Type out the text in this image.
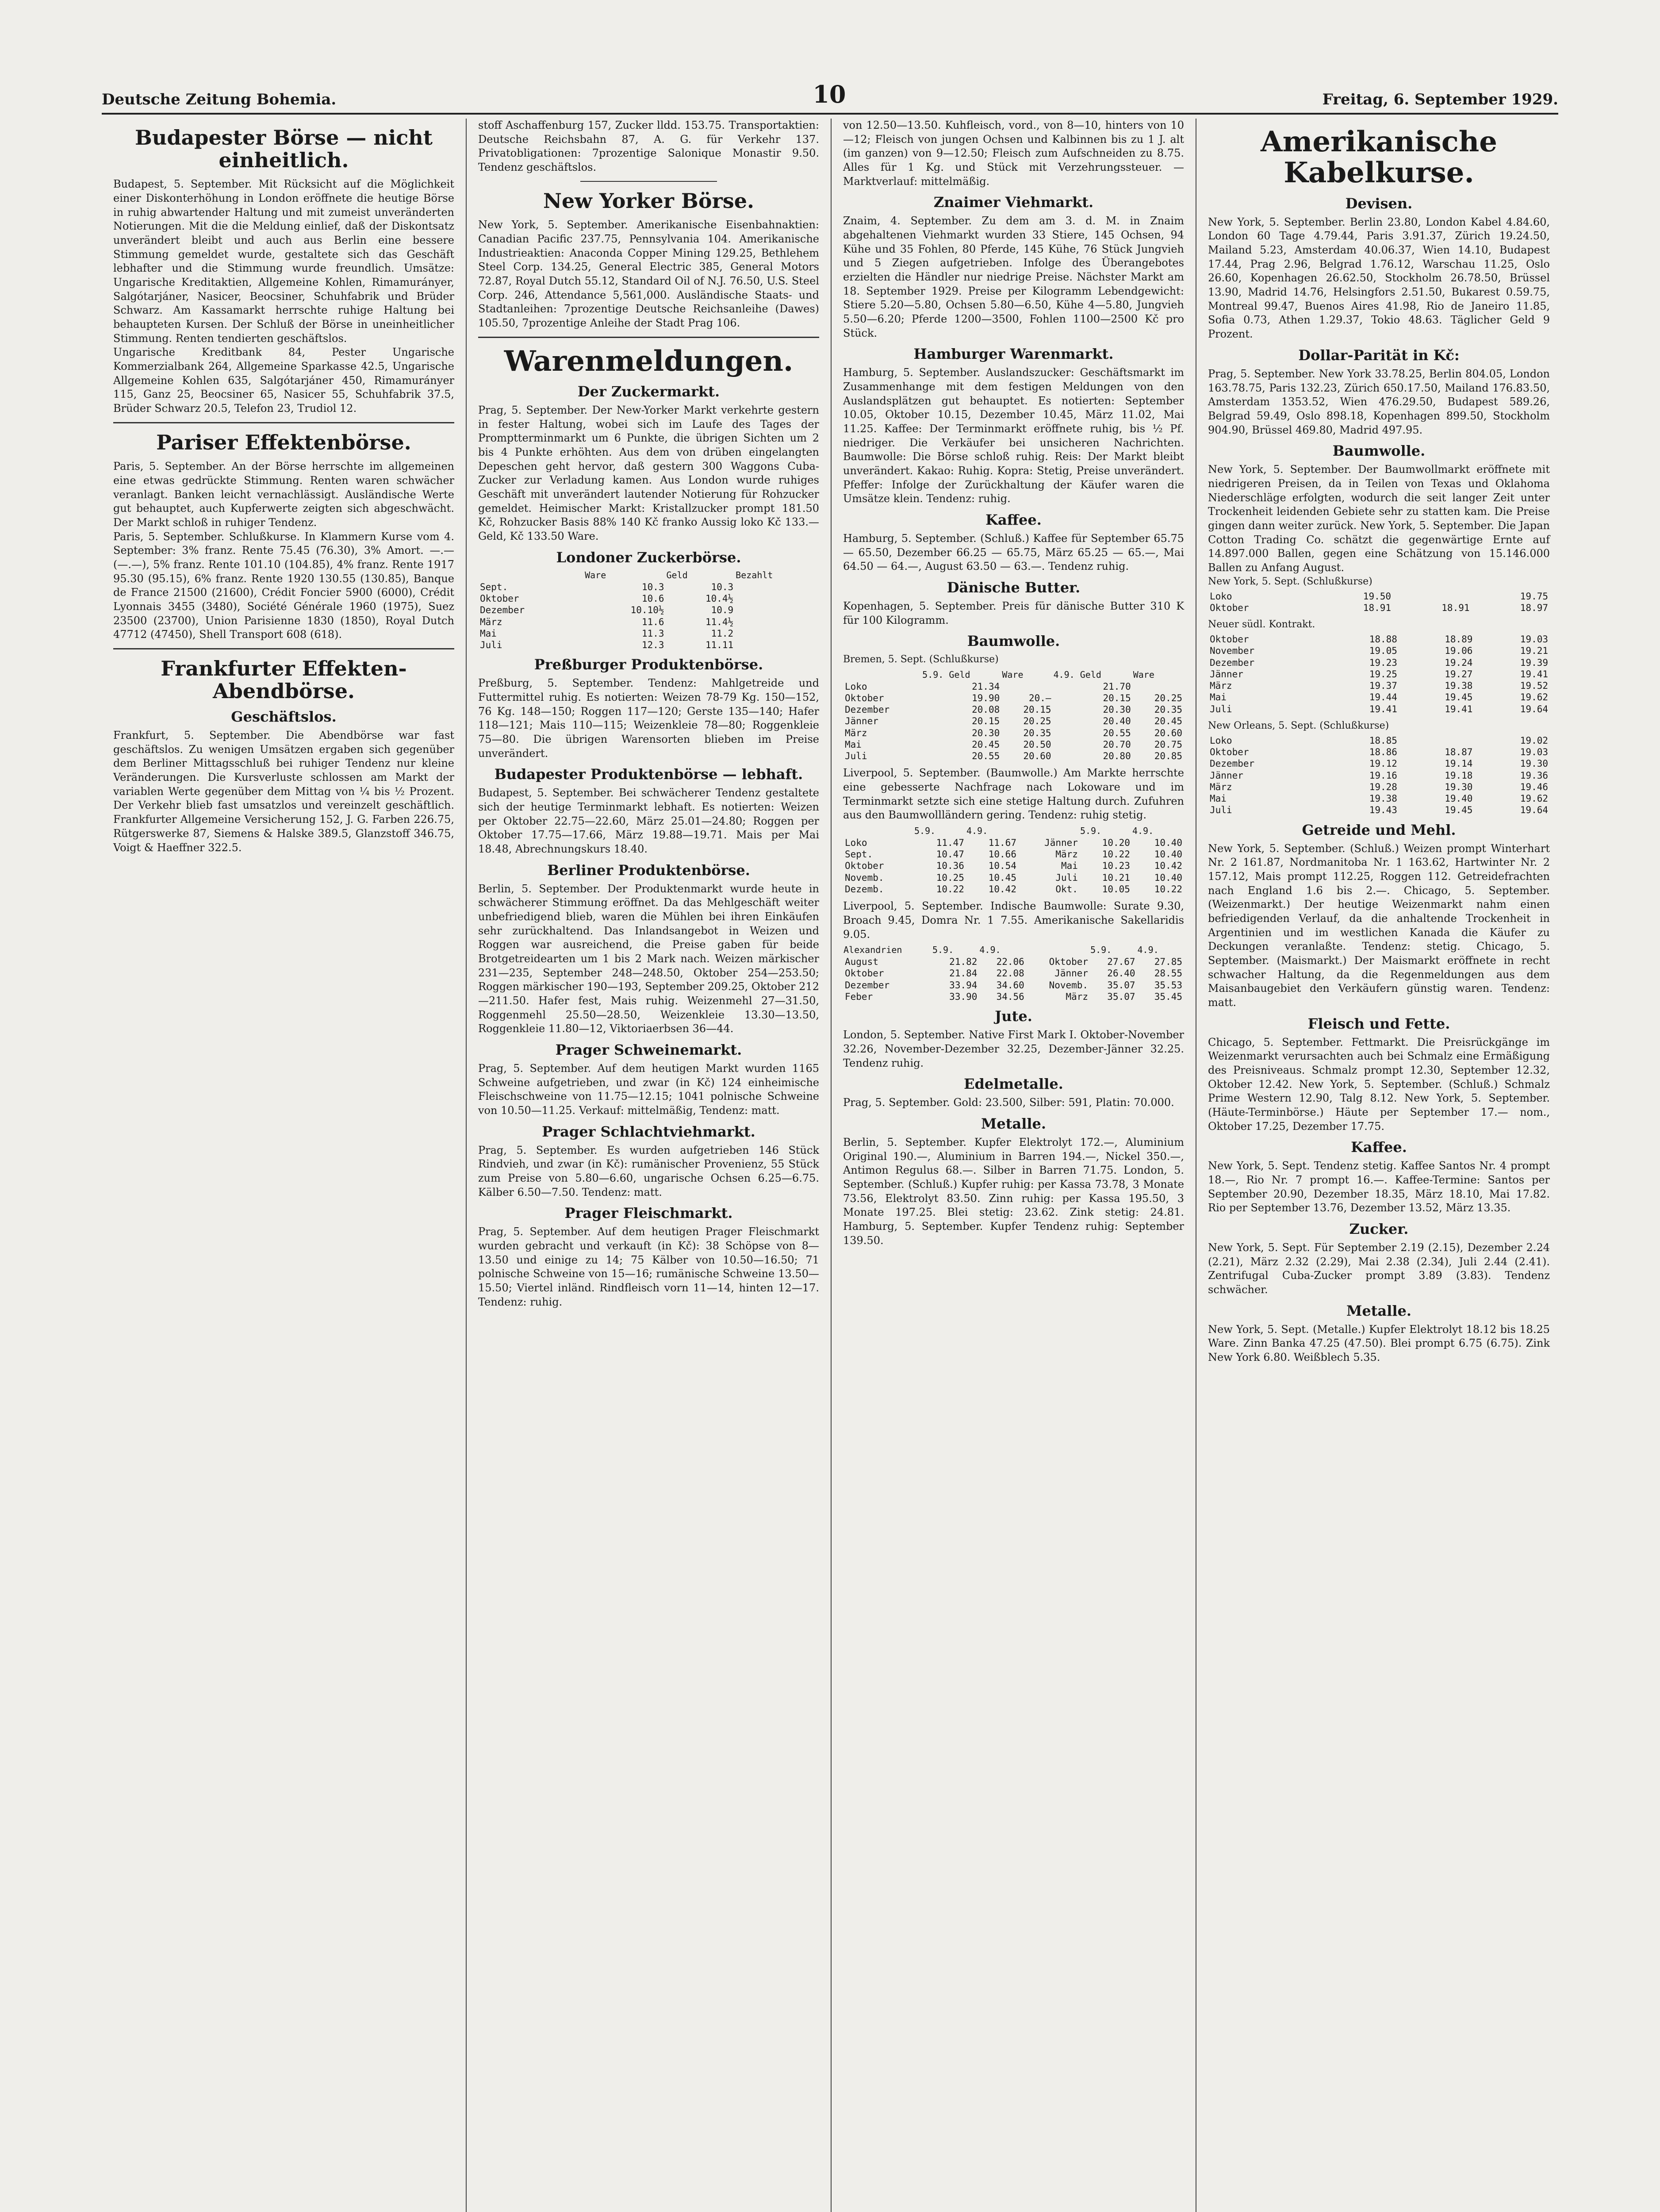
Deutsche Zeitung Bohemia.	10	Freitag, 6. September 1929.
Budapester Börse — nicht einheitlich.

Budapest, 5. September. Mit Rücksicht auf die Möglichkeit einer Diskonterhöhung in London eröffnete die heutige Börse in ruhig abwartender Haltung und mit zumeist unveränderten Notierungen. Mit die die Meldung einlief, daß der Diskontsatz unverändert bleibt und auch aus Berlin eine bessere Stimmung gemeldet wurde, gestaltete sich das Geschäft lebhafter und die Stimmung wurde freundlich. Umsätze: Ungarische Kreditaktien, Allgemeine Kohlen, Rimamurányer, Salgótarjáner, Nasicer, Beocsiner, Schuhfabrik und Brüder Schwarz. Am Kassamarkt herrschte ruhige Haltung bei behaupteten Kursen. Der Schluß der Börse in uneinheitlicher Stimmung. Renten tendierten geschäftslos.

Ungarische Kreditbank 84, Pester Ungarische Kommerzialbank 264, Allgemeine Sparkasse 42.5, Ungarische Allgemeine Kohlen 635, Salgótarjáner 450, Rimamurányer 115, Ganz 25, Beocsiner 65, Nasicer 55, Schuhfabrik 37.5, Brüder Schwarz 20.5, Telefon 23, Trudiol 12.

Pariser Effektenbörse.

Paris, 5. September. An der Börse herrschte im allgemeinen eine etwas gedrückte Stimmung. Renten waren schwächer veranlagt. Banken leicht vernachlässigt. Ausländische Werte gut behauptet, auch Kupferwerte zeigten sich abgeschwächt. Der Markt schloß in ruhiger Tendenz.

Paris, 5. September. Schlußkurse. In Klammern Kurse vom 4. September: 3% franz. Rente 75.45 (76.30), 3% Amort. —.— (—.—), 5% franz. Rente 101.10 (104.85), 4% franz. Rente 1917 95.30 (95.15), 6% franz. Rente 1920 130.55 (130.85), Banque de France 21500 (21600), Crédit Foncier 5900 (6000), Crédit Lyonnais 3455 (3480), Société Générale 1960 (1975), Suez 23500 (23700), Union Parisienne 1830 (1850), Royal Dutch 47712 (47450), Shell Transport 608 (618).

Frankfurter Effekten-Abendbörse.
Geschäftslos.

Frankfurt, 5. September. Die Abendbörse war fast geschäftslos. Zu wenigen Umsätzen ergaben sich gegenüber dem Berliner Mittagsschluß bei ruhiger Tendenz nur kleine Veränderungen. Die Kursverluste schlossen am Markt der variablen Werte gegenüber dem Mittag von ¼ bis ½ Prozent. Der Verkehr blieb fast umsatzlos und vereinzelt geschäftlich. Frankfurter Allgemeine Versicherung 152, J. G. Farben 226.75, Rütgerswerke 87, Siemens & Halske 389.5, Glanzstoff 346.75, Voigt & Haeffner 322.5.

stoff Aschaffenburg 157, Zucker lldd. 153.75. Transportaktien: Deutsche Reichsbahn 87, A. G. für Verkehr 137. Privatobligationen: 7prozentige Salonique Monastir 9.50. Tendenz geschäftslos.

New Yorker Börse.

New York, 5. September. Amerikanische Eisenbahnaktien: Canadian Pacific 237.75, Pennsylvania 104. Amerikanische Industrieaktien: Anaconda Copper Mining 129.25, Bethlehem Steel Corp. 134.25, General Electric 385, General Motors 72.87, Royal Dutch 55.12, Standard Oil of N.J. 76.50, U.S. Steel Corp. 246, Attendance 5,561,000. Ausländische Staats- und Stadtanleihen: 7prozentige Deutsche Reichsanleihe (Dawes) 105.50, 7prozentige Anleihe der Stadt Prag 106.

Warenmeldungen.
Der Zuckermarkt.

Prag, 5. September. Der New-Yorker Markt verkehrte gestern in fester Haltung, wobei sich im Laufe des Tages der Promptterminmarkt um 6 Punkte, die übrigen Sichten um 2 bis 4 Punkte erhöhten. Aus dem von drüben eingelangten Depeschen geht hervor, daß gestern 300 Waggons Cuba-Zucker zur Verladung kamen. Aus London wurde ruhiges Geschäft mit unverändert lautender Notierung für Rohzucker gemeldet. Heimischer Markt: Kristallzucker prompt 181.50 Kč, Rohzucker Basis 88% 140 Kč franko Aussig loko Kč 133.— Geld, Kč 133.50 Ware.

Londoner Zuckerbörse.
	Ware	Geld	Bezahlt
Sept.	10.3	10.3	
Oktober	10.6	10.4½	
Dezember	10.10½	10.9	
März	11.6	11.4½	
Mai	11.3	11.2	
Juli	12.3	11.11	
Preßburger Produktenbörse.

Preßburg, 5. September. Tendenz: Mahlgetreide und Futtermittel ruhig. Es notierten: Weizen 78-79 Kg. 150—152, 76 Kg. 148—150; Roggen 117—120; Gerste 135—140; Hafer 118—121; Mais 110—115; Weizenkleie 78—80; Roggenkleie 75—80. Die übrigen Warensorten blieben im Preise unverändert.

Budapester Produktenbörse — lebhaft.

Budapest, 5. September. Bei schwächerer Tendenz gestaltete sich der heutige Terminmarkt lebhaft. Es notierten: Weizen per Oktober 22.75—22.60, März 25.01—24.80; Roggen per Oktober 17.75—17.66, März 19.88—19.71. Mais per Mai 18.48, Abrechnungskurs 18.40.

Berliner Produktenbörse.

Berlin, 5. September. Der Produktenmarkt wurde heute in schwächerer Stimmung eröffnet. Da das Mehlgeschäft weiter unbefriedigend blieb, waren die Mühlen bei ihren Einkäufen sehr zurückhaltend. Das Inlandsangebot in Weizen und Roggen war ausreichend, die Preise gaben für beide Brotgetreidearten um 1 bis 2 Mark nach. Weizen märkischer 231—235, September 248—248.50, Oktober 254—253.50; Roggen märkischer 190—193, September 209.25, Oktober 212—211.50. Hafer fest, Mais ruhig. Weizenmehl 27—31.50, Roggenmehl 25.50—28.50, Weizenkleie 13.30—13.50, Roggenkleie 11.80—12, Viktoriaerbsen 36—44.

Prager Schweinemarkt.

Prag, 5. September. Auf dem heutigen Markt wurden 1165 Schweine aufgetrieben, und zwar (in Kč) 124 einheimische Fleischschweine von 11.75—12.15; 1041 polnische Schweine von 10.50—11.25. Verkauf: mittelmäßig, Tendenz: matt.

Prager Schlachtviehmarkt.

Prag, 5. September. Es wurden aufgetrieben 146 Stück Rindvieh, und zwar (in Kč): rumänischer Provenienz, 55 Stück zum Preise von 5.80—6.60, ungarische Ochsen 6.25—6.75. Kälber 6.50—7.50. Tendenz: matt.

Prager Fleischmarkt.

Prag, 5. September. Auf dem heutigen Prager Fleischmarkt wurden gebracht und verkauft (in Kč): 38 Schöpse von 8—13.50 und einige zu 14; 75 Kälber von 10.50—16.50; 71 polnische Schweine von 15—16; rumänische Schweine 13.50—15.50; Viertel inländ. Rindfleisch vorn 11—14, hinten 12—17. Tendenz: ruhig.

von 12.50—13.50. Kuhfleisch, vord., von 8—10, hinters von 10—12; Fleisch von jungen Ochsen und Kalbinnen bis zu 1 J. alt (im ganzen) von 9—12.50; Fleisch zum Aufschneiden zu 8.75. Alles für 1 Kg. und Stück mit Verzehrungssteuer. — Marktverlauf: mittelmäßig.

Znaimer Viehmarkt.

Znaim, 4. September. Zu dem am 3. d. M. in Znaim abgehaltenen Viehmarkt wurden 33 Stiere, 145 Ochsen, 94 Kühe und 35 Fohlen, 80 Pferde, 145 Kühe, 76 Stück Jungvieh und 5 Ziegen aufgetrieben. Infolge des Überangebotes erzielten die Händler nur niedrige Preise. Nächster Markt am 18. September 1929. Preise per Kilogramm Lebendgewicht: Stiere 5.20—5.80, Ochsen 5.80—6.50, Kühe 4—5.80, Jungvieh 5.50—6.20; Pferde 1200—3500, Fohlen 1100—2500 Kč pro Stück.

Hamburger Warenmarkt.

Hamburg, 5. September. Auslandszucker: Geschäftsmarkt im Zusammenhange mit dem festigen Meldungen von den Auslandsplätzen gut behauptet. Es notierten: September 10.05, Oktober 10.15, Dezember 10.45, März 11.02, Mai 11.25. Kaffee: Der Terminmarkt eröffnete ruhig, bis ½ Pf. niedriger. Die Verkäufer bei unsicheren Nachrichten. Baumwolle: Die Börse schloß ruhig. Reis: Der Markt bleibt unverändert. Kakao: Ruhig. Kopra: Stetig, Preise unverändert. Pfeffer: Infolge der Zurückhaltung der Käufer waren die Umsätze klein. Tendenz: ruhig.

Kaffee.

Hamburg, 5. September. (Schluß.) Kaffee für September 65.75 — 65.50, Dezember 66.25 — 65.75, März 65.25 — 65.—, Mai 64.50 — 64.—, August 63.50 — 63.—. Tendenz ruhig.

Dänische Butter.

Kopenhagen, 5. September. Preis für dänische Butter 310 K für 100 Kilogramm.

Baumwolle.

Bremen, 5. Sept. (Schlußkurse)

	5.9. Geld	Ware	4.9. Geld	Ware
Loko	21.34		21.70	
Oktober	19.90	20.—	20.15	20.25
Dezember	20.08	20.15	20.30	20.35
Jänner	20.15	20.25	20.40	20.45
März	20.30	20.35	20.55	20.60
Mai	20.45	20.50	20.70	20.75
Juli	20.55	20.60	20.80	20.85

Liverpool, 5. September. (Baumwolle.) Am Markte herrschte eine gebesserte Nachfrage nach Lokoware und im Terminmarkt setzte sich eine stetige Haltung durch. Zufuhren aus den Baumwollländern gering. Tendenz: ruhig stetig.

	5.9.	4.9.		5.9.	4.9.
Loko	11.47	11.67	Jänner	10.20	10.40
Sept.	10.47	10.66	März	10.22	10.40
Oktober	10.36	10.54	Mai	10.23	10.42
Novemb.	10.25	10.45	Juli	10.21	10.40
Dezemb.	10.22	10.42	Okt.	10.05	10.22

Liverpool, 5. September. Indische Baumwolle: Surate 9.30, Broach 9.45, Domra Nr. 1 7.55. Amerikanische Sakellaridis 9.05.

Alexandrien	5.9.	4.9.		5.9.	4.9.
August	21.82	22.06	Oktober	27.67	27.85
Oktober	21.84	22.08	Jänner	26.40	28.55
Dezember	33.94	34.60	Novemb.	35.07	35.53
Feber	33.90	34.56	März	35.07	35.45
Jute.

London, 5. September. Native First Mark I. Oktober-November 32.26, November-Dezember 32.25, Dezember-Jänner 32.25. Tendenz ruhig.

Edelmetalle.

Prag, 5. September. Gold: 23.500, Silber: 591, Platin: 70.000.

Metalle.

Berlin, 5. September. Kupfer Elektrolyt 172.—, Aluminium Original 190.—, Aluminium in Barren 194.—, Nickel 350.—, Antimon Regulus 68.—. Silber in Barren 71.75. London, 5. September. (Schluß.) Kupfer ruhig: per Kassa 73.78, 3 Monate 73.56, Elektrolyt 83.50. Zinn ruhig: per Kassa 195.50, 3 Monate 197.25. Blei stetig: 23.62. Zink stetig: 24.81. Hamburg, 5. September. Kupfer Tendenz ruhig: September 139.50.

Amerikanische Kabelkurse.
Devisen.

New York, 5. September. Berlin 23.80, London Kabel 4.84.60, London 60 Tage 4.79.44, Paris 3.91.37, Zürich 19.24.50, Mailand 5.23, Amsterdam 40.06.37, Wien 14.10, Budapest 17.44, Prag 2.96, Belgrad 1.76.12, Warschau 11.25, Oslo 26.60, Kopenhagen 26.62.50, Stockholm 26.78.50, Brüssel 13.90, Madrid 14.76, Helsingfors 2.51.50, Bukarest 0.59.75, Montreal 99.47, Buenos Aires 41.98, Rio de Janeiro 11.85, Sofia 0.73, Athen 1.29.37, Tokio 48.63. Täglicher Geld 9 Prozent.

Dollar-Parität in Kč:

Prag, 5. September. New York 33.78.25, Berlin 804.05, London 163.78.75, Paris 132.23, Zürich 650.17.50, Mailand 176.83.50, Amsterdam 1353.52, Wien 476.29.50, Budapest 589.26, Belgrad 59.49, Oslo 898.18, Kopenhagen 899.50, Stockholm 904.90, Brüssel 469.80, Madrid 497.95.

Baumwolle.

New York, 5. September. Der Baumwollmarkt eröffnete mit niedrigeren Preisen, da in Teilen von Texas und Oklahoma Niederschläge erfolgten, wodurch die seit langer Zeit unter Trockenheit leidenden Gebiete sehr zu statten kam. Die Preise gingen dann weiter zurück. New York, 5. September. Die Japan Cotton Trading Co. schätzt die gegenwärtige Ernte auf 14.897.000 Ballen, gegen eine Schätzung von 15.146.000 Ballen zu Anfang August.

New York, 5. Sept. (Schlußkurse)

Loko	19.50		19.75
Oktober	18.91	18.91	18.97

Neuer südl. Kontrakt.

Oktober	18.88	18.89	19.03
November	19.05	19.06	19.21
Dezember	19.23	19.24	19.39
Jänner	19.25	19.27	19.41
März	19.37	19.38	19.52
Mai	19.44	19.45	19.62
Juli	19.41	19.41	19.64

New Orleans, 5. Sept. (Schlußkurse)

Loko	18.85		19.02
Oktober	18.86	18.87	19.03
Dezember	19.12	19.14	19.30
Jänner	19.16	19.18	19.36
März	19.28	19.30	19.46
Mai	19.38	19.40	19.62
Juli	19.43	19.45	19.64
Getreide und Mehl.

New York, 5. September. (Schluß.) Weizen prompt Winterhart Nr. 2 161.87, Nordmanitoba Nr. 1 163.62, Hartwinter Nr. 2 157.12, Mais prompt 112.25, Roggen 112. Getreidefrachten nach England 1.6 bis 2.—. Chicago, 5. September. (Weizenmarkt.) Der heutige Weizenmarkt nahm einen befriedigenden Verlauf, da die anhaltende Trockenheit in Argentinien und im westlichen Kanada die Käufer zu Deckungen veranlaßte. Tendenz: stetig. Chicago, 5. September. (Maismarkt.) Der Maismarkt eröffnete in recht schwacher Haltung, da die Regenmeldungen aus dem Maisanbaugebiet den Verkäufern günstig waren. Tendenz: matt.

Fleisch und Fette.

Chicago, 5. September. Fettmarkt. Die Preisrückgänge im Weizenmarkt verursachten auch bei Schmalz eine Ermäßigung des Preisniveaus. Schmalz prompt 12.30, September 12.32, Oktober 12.42. New York, 5. September. (Schluß.) Schmalz Prime Western 12.90, Talg 8.12. New York, 5. September. (Häute-Terminbörse.) Häute per September 17.— nom., Oktober 17.25, Dezember 17.75.

Kaffee.

New York, 5. Sept. Tendenz stetig. Kaffee Santos Nr. 4 prompt 18.—, Rio Nr. 7 prompt 16.—. Kaffee-Termine: Santos per September 20.90, Dezember 18.35, März 18.10, Mai 17.82. Rio per September 13.76, Dezember 13.52, März 13.35.

Zucker.

New York, 5. Sept. Für September 2.19 (2.15), Dezember 2.24 (2.21), März 2.32 (2.29), Mai 2.38 (2.34), Juli 2.44 (2.41). Zentrifugal Cuba-Zucker prompt 3.89 (3.83). Tendenz schwächer.

Metalle.

New York, 5. Sept. (Metalle.) Kupfer Elektrolyt 18.12 bis 18.25 Ware. Zinn Banka 47.25 (47.50). Blei prompt 6.75 (6.75). Zink New York 6.80. Weißblech 5.35.
